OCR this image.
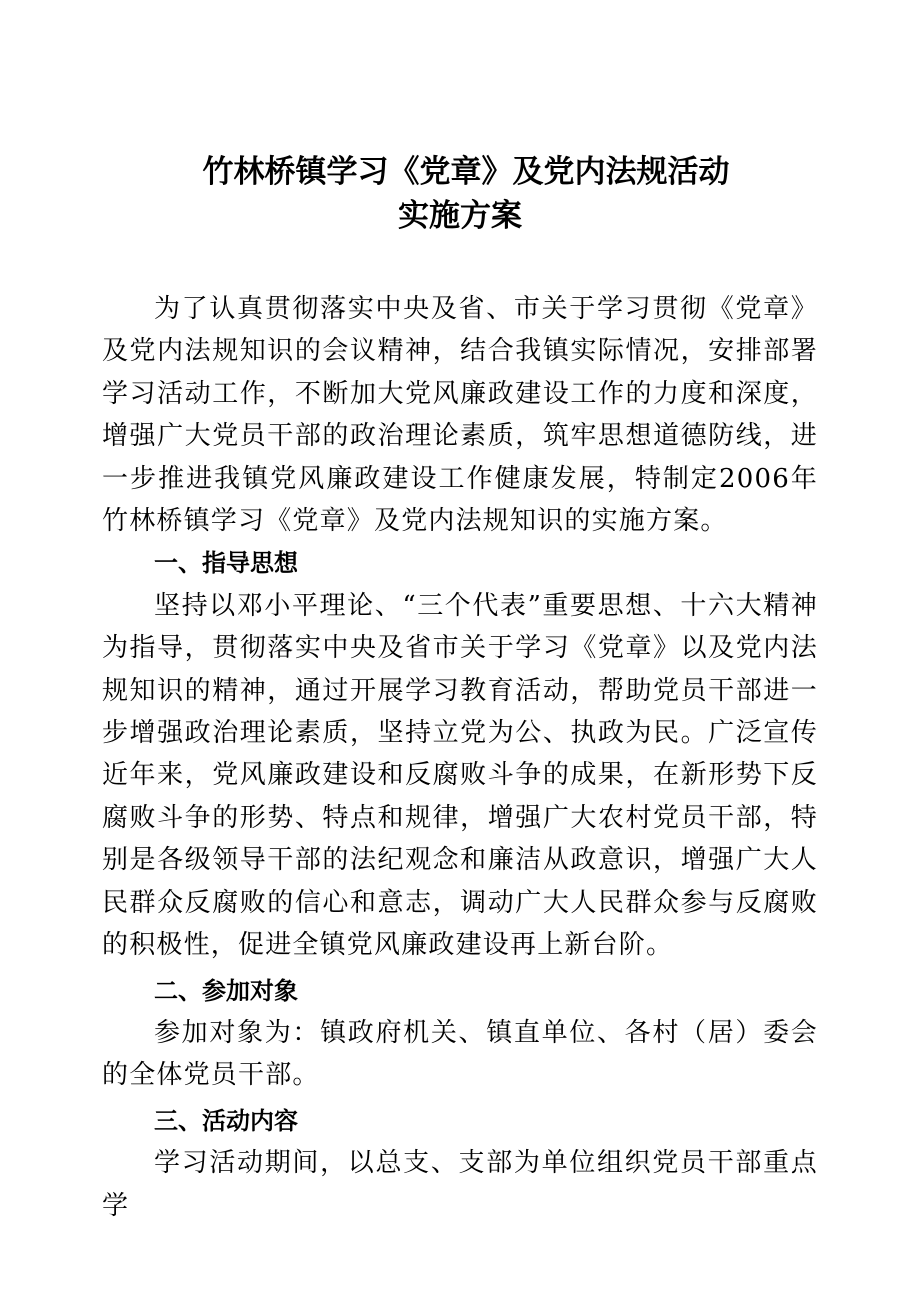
竹林桥镇学习《党章》及党内法规活动
实施方案

为了认真贯彻落实中央及省、市关于学习贯彻《党章》及党内法规知识的会议精神，结合我镇实际情况，安排部署学习活动工作，不断加大党风廉政建设工作的力度和深度，增强广大党员干部的政治理论素质，筑牢思想道德防线，进一步推进我镇党风廉政建设工作健康发展，特制定2006年竹林桥镇学习《党章》及党内法规知识的实施方案。

一、指导思想

坚持以邓小平理论、“三个代表”重要思想、十六大精神为指导，贯彻落实中央及省市关于学习《党章》以及党内法规知识的精神，通过开展学习教育活动，帮助党员干部进一步增强政治理论素质，坚持立党为公、执政为民。广泛宣传近年来，党风廉政建设和反腐败斗争的成果，在新形势下反腐败斗争的形势、特点和规律，增强广大农村党员干部，特别是各级领导干部的法纪观念和廉洁从政意识，增强广大人民群众反腐败的信心和意志，调动广大人民群众参与反腐败的积极性，促进全镇党风廉政建设再上新台阶。

二、参加对象

参加对象为：镇政府机关、镇直单位、各村（居）委会的全体党员干部。

三、活动内容

学习活动期间，以总支、支部为单位组织党员干部重点学
